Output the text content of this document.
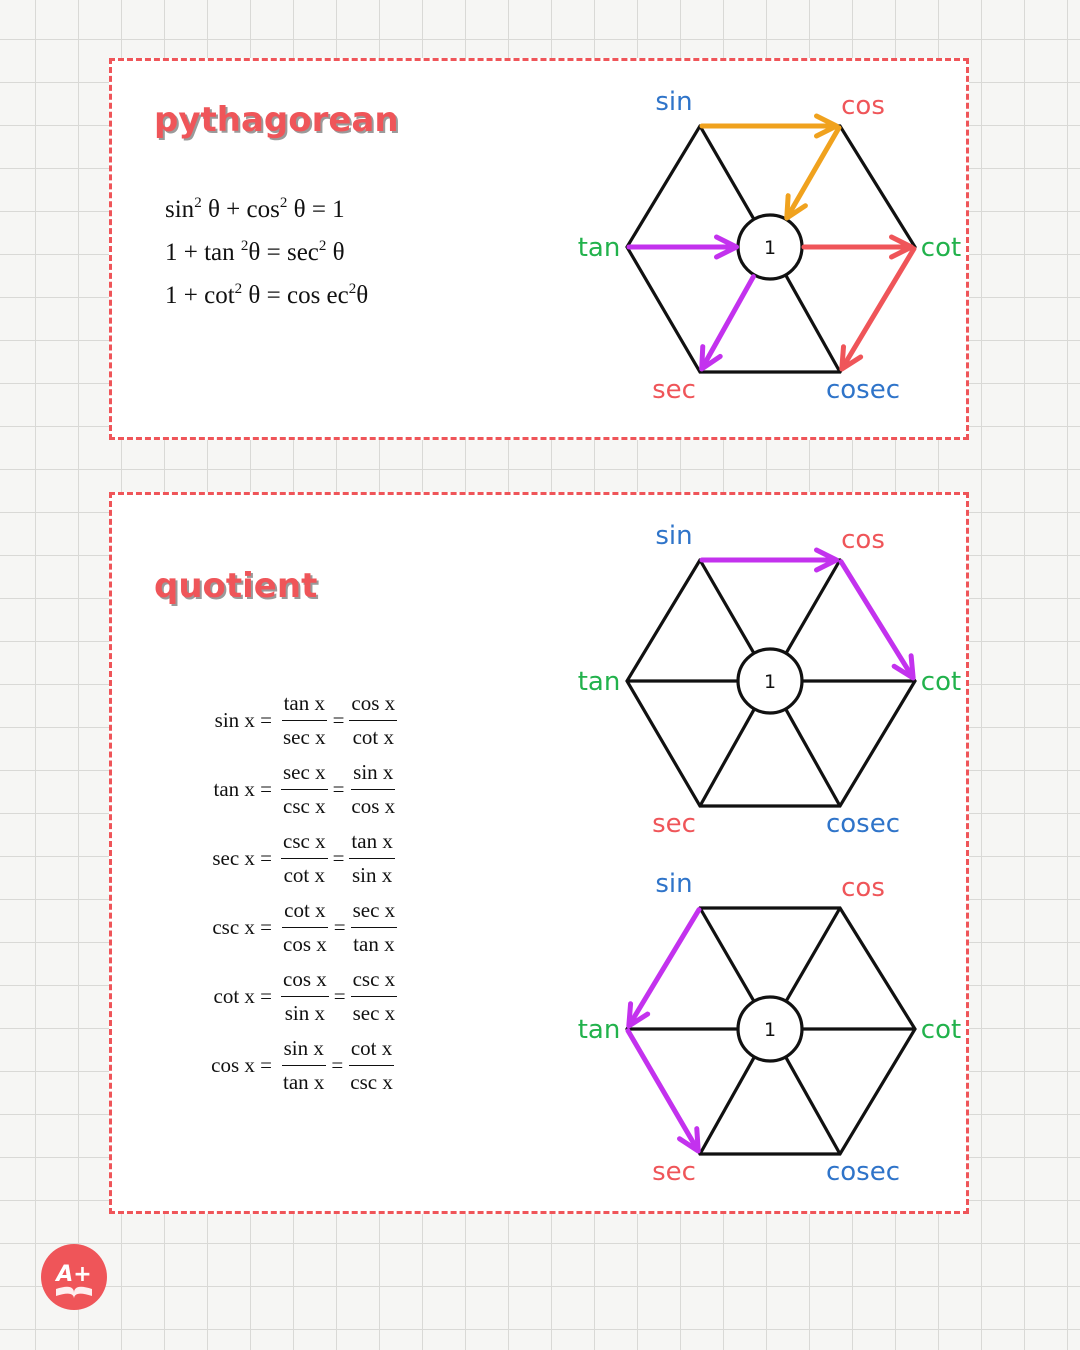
pythagorean
quotient
$\sin^2 \theta + \cos^2 \theta = 1$
$1 + \tan ^2\theta = \sec^2 \theta$
$1 + \cot^2 \theta = \cos ec^2\theta$
$\sin x = \frac{\text{tan x}}{\text{sec x}} = \frac{\text{cos x}}{\text{cot x}}$
$\tan x = \frac{\text{sec x}}{\text{csc x}} = \frac{\text{sin x}}{\text{cos x}}$
$\sec x = \frac{\text{csc x}}{\text{cot x}} = \frac{\text{tan x}}{\text{sin x}}$
$\csc x = \frac{\text{cot x}}{\text{cos x}} = \frac{\text{sec x}}{\text{tan x}}$
$\cot x = \frac{\text{cos x}}{\text{sin x}} = \frac{\text{csc x}}{\text{sec x}}$
$\cos x = \frac{\text{sin x}}{\text{tan x}} = \frac{\text{cot x}}{\text{csc x}}$
1
sin	cos
tan	cot
sec	cosec
1
sin	cos
tan	cot
sec	cosec
1
sin	cos
tan	cot
sec	cosec
A+
